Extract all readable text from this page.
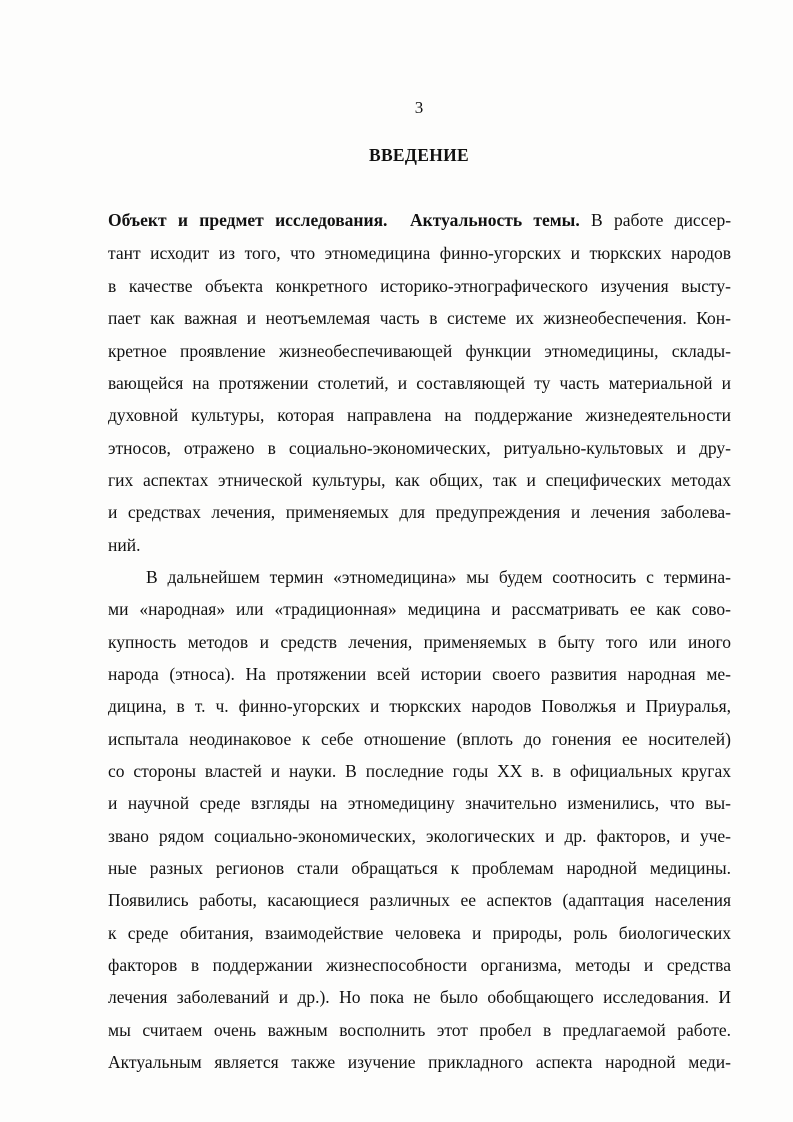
3
ВВЕДЕНИЕ
Объект и предмет исследования. Актуальность темы. В работе диссер-
тант исходит из того, что этномедицина финно-угорских и тюркских народов
в качестве объекта конкретного историко-этнографического изучения высту-
пает как важная и неотъемлемая часть в системе их жизнеобеспечения. Кон-
кретное проявление жизнеобеспечивающей функции этномедицины, склады-
вающейся на протяжении столетий, и составляющей ту часть материальной и
духовной культуры, которая направлена на поддержание жизнедеятельности
этносов, отражено в социально-экономических, ритуально-культовых и дру-
гих аспектах этнической культуры, как общих, так и специфических методах
и средствах лечения, применяемых для предупреждения и лечения заболева-
ний.
В дальнейшем термин «этномедицина» мы будем соотносить с термина-
ми «народная» или «традиционная» медицина и рассматривать ее как сово-
купность методов и средств лечения, применяемых в быту того или иного
народа (этноса). На протяжении всей истории своего развития народная ме-
дицина, в т. ч. финно-угорских и тюркских народов Поволжья и Приуралья,
испытала неодинаковое к себе отношение (вплоть до гонения ее носителей)
со стороны властей и науки. В последние годы XX в. в официальных кругах
и научной среде взгляды на этномедицину значительно изменились, что вы-
звано рядом социально-экономических, экологических и др. факторов, и уче-
ные разных регионов стали обращаться к проблемам народной медицины.
Появились работы, касающиеся различных ее аспектов (адаптация населения
к среде обитания, взаимодействие человека и природы, роль биологических
факторов в поддержании жизнеспособности организма, методы и средства
лечения заболеваний и др.). Но пока не было обобщающего исследования. И
мы считаем очень важным восполнить этот пробел в предлагаемой работе.
Актуальным является также изучение прикладного аспекта народной меди-
